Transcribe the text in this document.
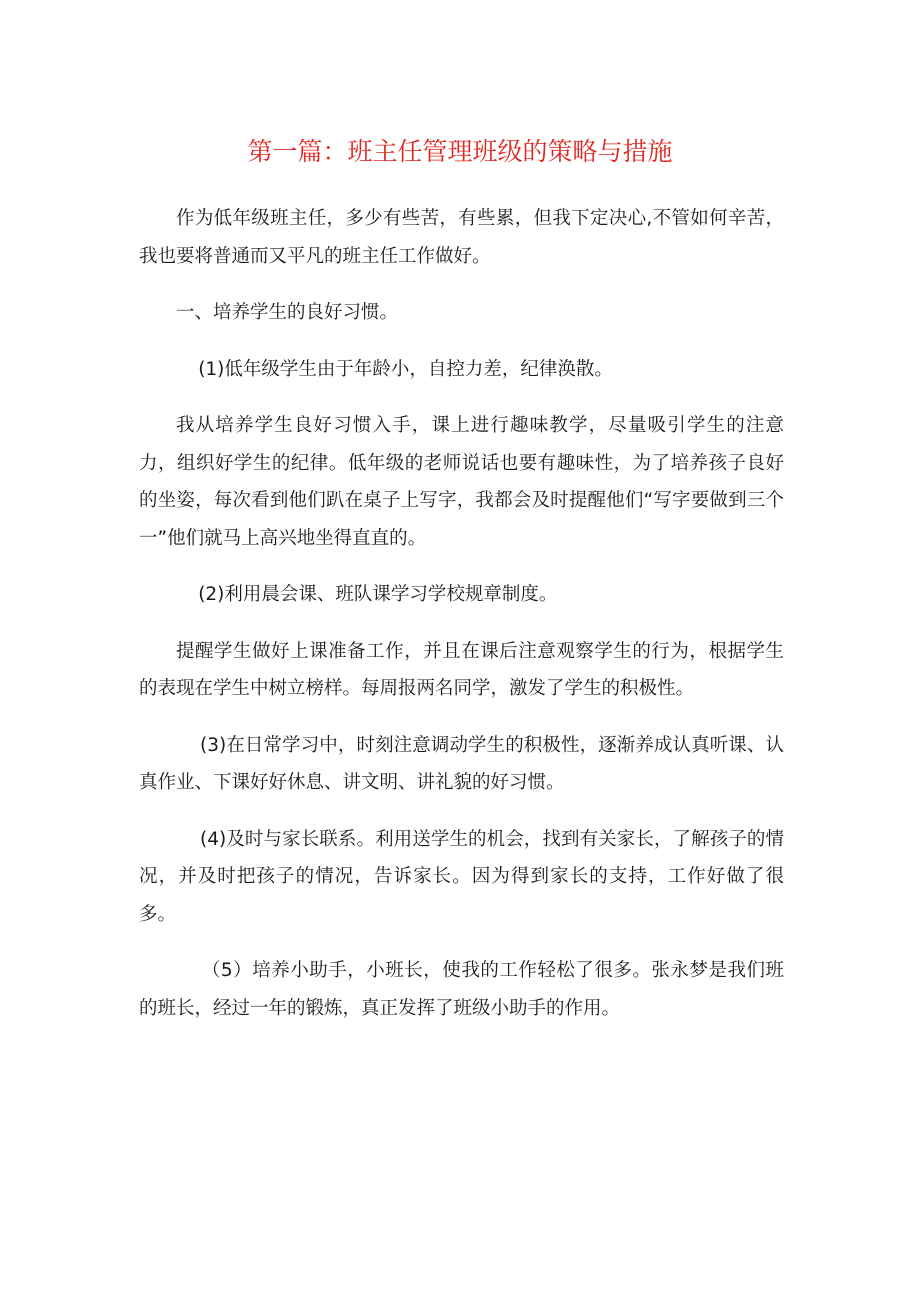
第一篇：班主任管理班级的策略与措施

作为低年级班主任，多少有些苦，有些累，但我下定决心,不管如何辛苦，我也要将普通而又平凡的班主任工作做好。

一、培养学生的良好习惯。

(1)低年级学生由于年龄小，自控力差，纪律涣散。

我从培养学生良好习惯入手，课上进行趣味教学，尽量吸引学生的注意力，组织好学生的纪律。低年级的老师说话也要有趣味性，为了培养孩子良好的坐姿，每次看到他们趴在桌子上写字，我都会及时提醒他们“写字要做到三个一”他们就马上高兴地坐得直直的。

(2)利用晨会课、班队课学习学校规章制度。

提醒学生做好上课准备工作，并且在课后注意观察学生的行为，根据学生的表现在学生中树立榜样。每周报两名同学，激发了学生的积极性。

(3)在日常学习中，时刻注意调动学生的积极性，逐渐养成认真听课、认真作业、下课好好休息、讲文明、讲礼貌的好习惯。

(4)及时与家长联系。利用送学生的机会，找到有关家长，了解孩子的情况，并及时把孩子的情况，告诉家长。因为得到家长的支持，工作好做了很多。

（5）培养小助手，小班长，使我的工作轻松了很多。张永梦是我们班的班长，经过一年的锻炼，真正发挥了班级小助手的作用。
